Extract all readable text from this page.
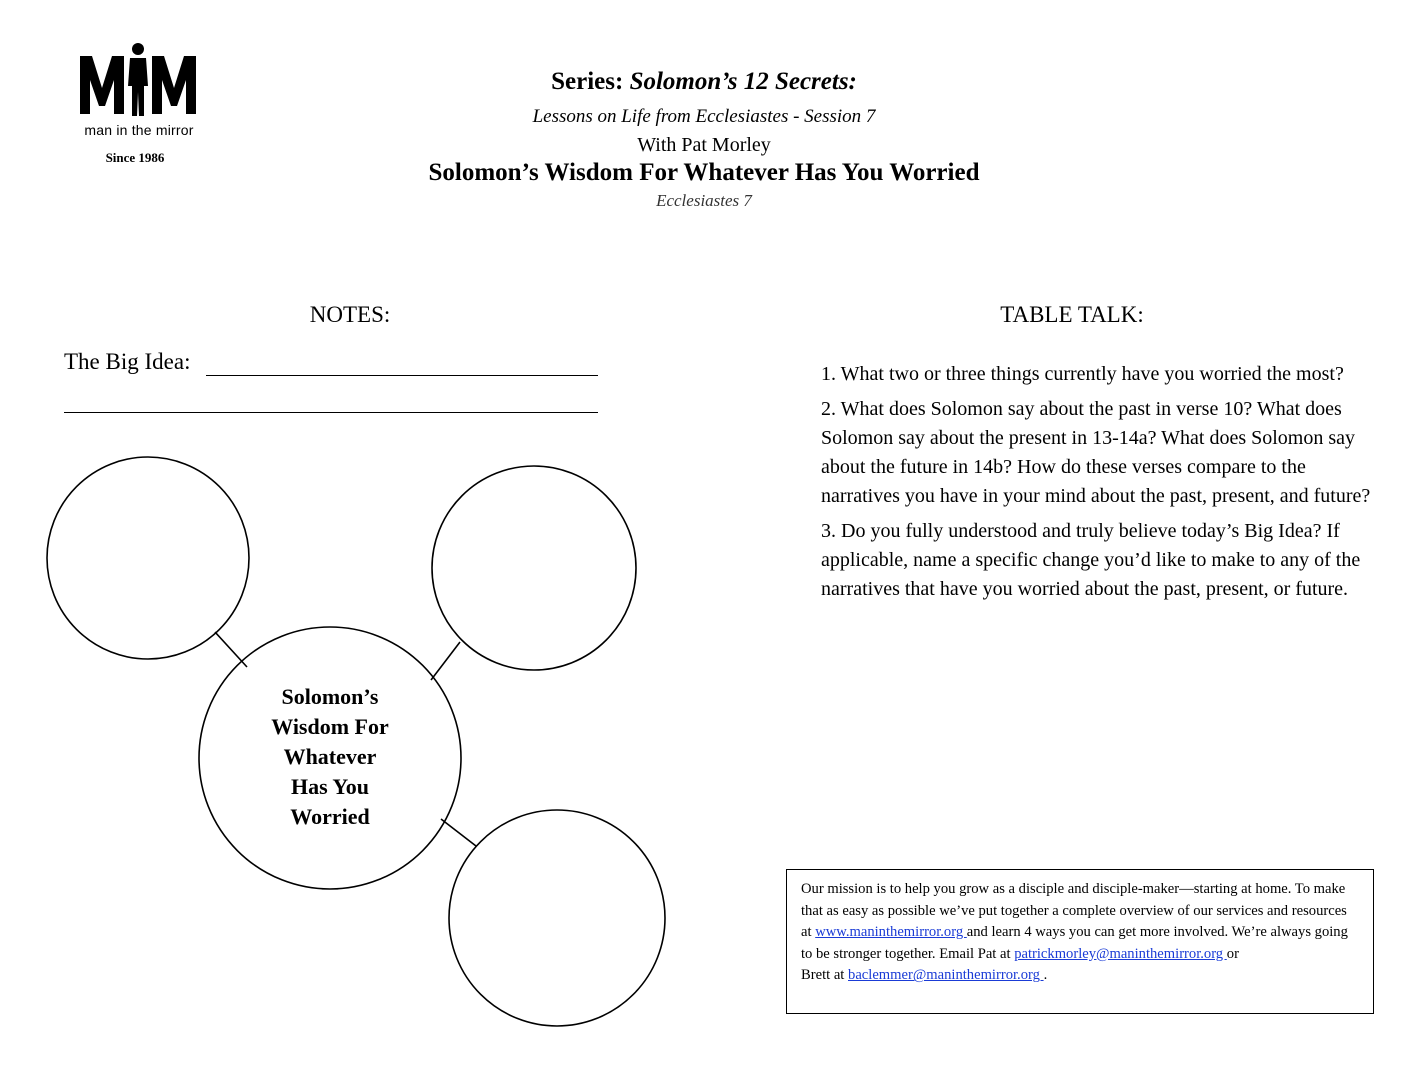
man in the mirror
Since 1986
Series: Solomon’s 12 Secrets:
Lessons on Life from Ecclesiastes - Session 7
With Pat Morley
Solomon’s Wisdom For Whatever Has You Worried
Ecclesiastes 7
NOTES:
The Big Idea:
Solomon’s
Wisdom For
Whatever
Has You
Worried
TABLE TALK:

1. What two or three things currently have you worried the most?

2. What does Solomon say about the past in verse 10? What does Solomon say about the present in 13-14a? What does Solomon say about the future in 14b? How do these verses compare to the narratives you have in your mind about the past, present, and future?

3. Do you fully understood and truly believe today’s Big Idea? If applicable, name a specific change you’d like to make to any of the narratives that have you worried about the past, present, or future.

Our mission is to help you grow as a disciple and disciple-maker—starting at home. To make that as easy as possible we’ve put together a complete overview of our services and resources at www.maninthemirror.org and learn 4 ways you can get more involved. We’re always going to be stronger together. Email Pat at patrickmorley@maninthemirror.org or
Brett at baclemmer@maninthemirror.org .
